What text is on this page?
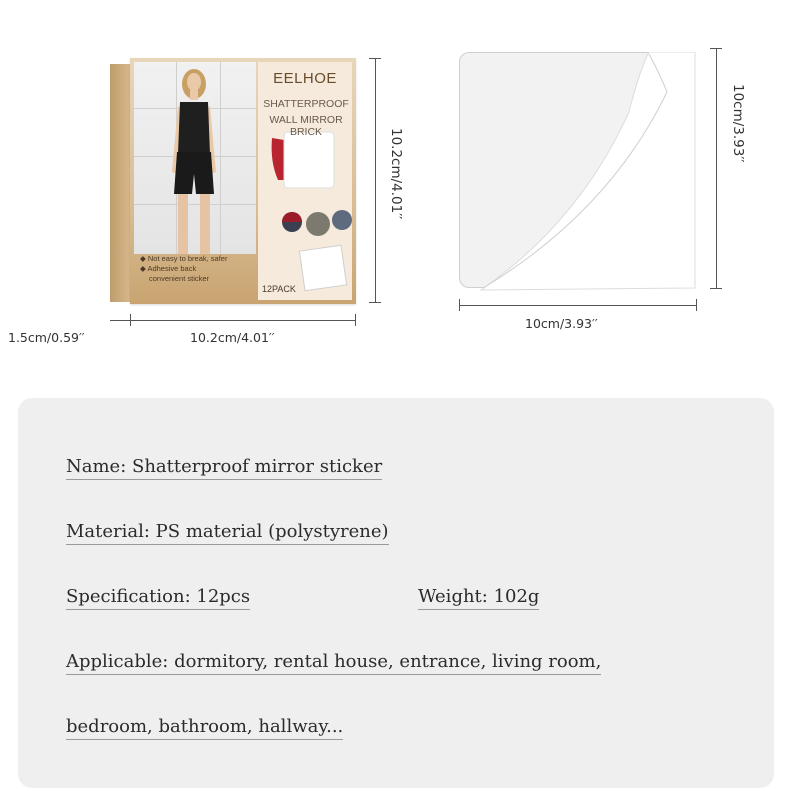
EELHOE
SHATTERPROOF
WALL MIRROR BRICK
◆ Not easy to break, safer
◆ Adhesive back
convenient sticker
12PACK
10.2cm/4.01′′
10.2cm/4.01′′
1.5cm/0.59′′
10cm/3.93′′
10cm/3.93′′
Name: Shatterproof mirror sticker
Material: PS material (polystyrene)
Specification: 12pcs	Weight: 102g
Applicable: dormitory, rental house, entrance, living room,
bedroom, bathroom, hallway...
